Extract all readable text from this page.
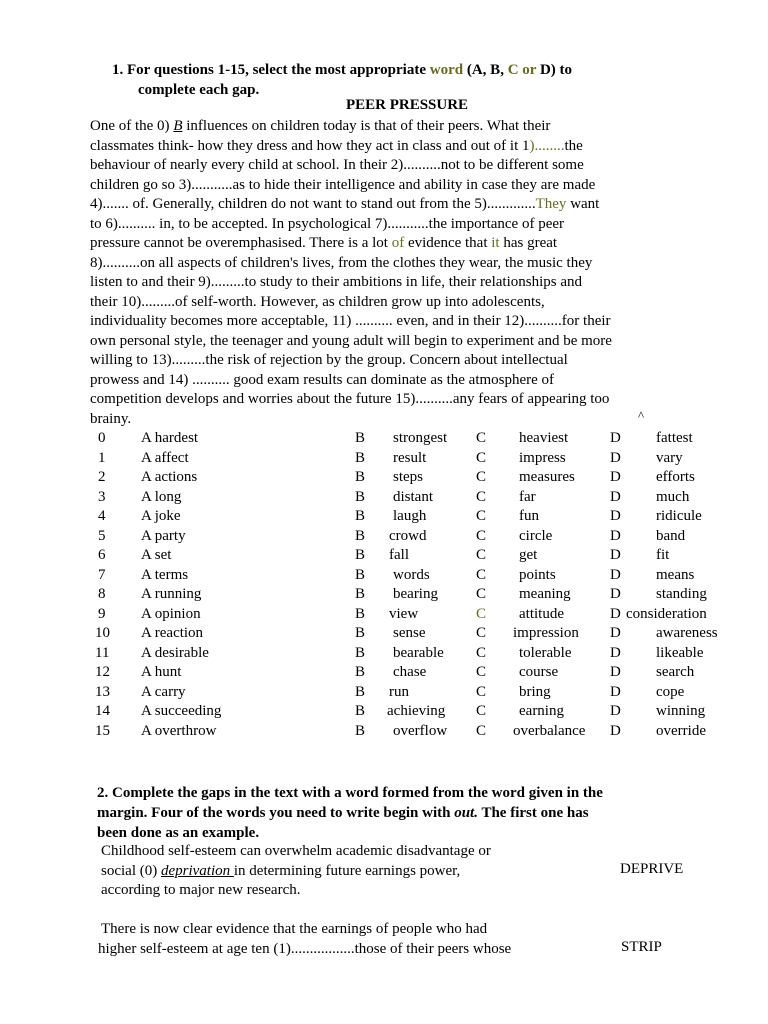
1. For questions 1-15, select the most appropriate word (A, B, C or D) to
complete each gap.
PEER PRESSURE
One of the 0) B influences on children today is that of their peers. What their
classmates think- how they dress and how they act in class and out of it 1)........the
behaviour of nearly every child at school. In their 2)..........not to be different some
children go so 3)...........as to hide their intelligence and ability in case they are made
4)....... of. Generally, children do not want to stand out from the 5).............They want
to 6).......... in, to be accepted. In psychological 7)...........the importance of peer
pressure cannot be overemphasised. There is a lot of evidence that it has great
8)..........on all aspects of children's lives, from the clothes they wear, the music they
listen to and their 9).........to study to their ambitions in life, their relationships and
their 10).........of self-worth. However, as children grow up into adolescents,
individuality becomes more acceptable, 11) .......... even, and in their 12)..........for their
own personal style, the teenager and young adult will begin to experiment and be more
willing to 13).........the risk of rejection by the group. Concern about intellectual
prowess and 14) .......... good exam results can dominate as the atmosphere of
competition develops and worries about the future 15)..........any fears of appearing too
brainy.	^
0 A hardest	B strongest C heaviest	D fattest
1 A affect	B result	C impress	D vary
2 A actions	B steps	C measures D efforts
3 A long	B distant	C far	D much
4 A joke	B laugh	C fun	D ridicule
5 A party	B crowd	C circle	D band
6 A set	B fall	C get	D fit
7 A terms	B words	C points	D means
8 A running	B bearing	C meaning	D standing
9 A opinion	B view	C attitude	D consideration
10 A reaction	B sense	C impression D awareness
11 A desirable	B bearable C tolerable	D likeable
12 A hunt	B chase	C course	D search
13 A carry	B run	C bring	D cope
14 A succeeding	B achieving C earning	D winning
15 A overthrow	B overflow C overbalance D override
2. Complete the gaps in the text with a word formed from the word given in the
margin. Four of the words you need to write begin with out. The first one has
been done as an example.
Childhood self-esteem can overwhelm academic disadvantage or
social (0) deprivation in determining future earnings power,
according to major new research.
There is now clear evidence that the earnings of people who had
higher self-esteem at age ten (1).................those of their peers whose
DEPRIVE
STRIP
